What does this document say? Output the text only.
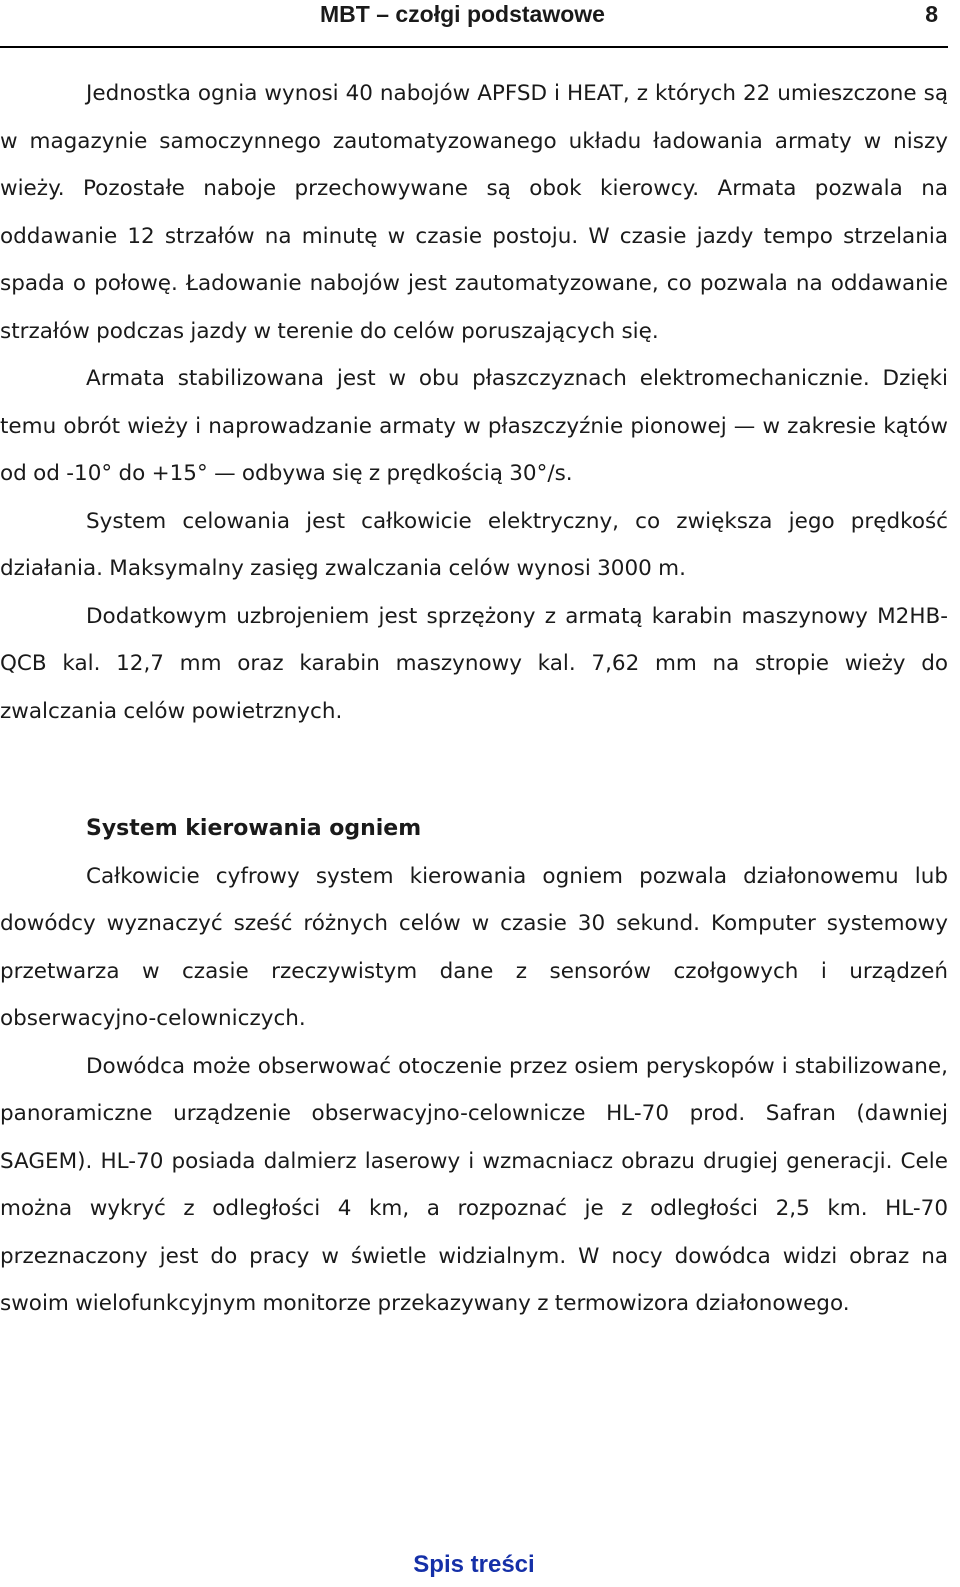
MBT – czołgi podstawowe	8

Jednostka ognia wynosi 40 nabojów APFSD i HEAT, z których 22 umieszczone są w magazynie samoczynnego zautomatyzowanego układu ładowania armaty w niszy wieży. Pozostałe naboje przechowywane są obok kierowcy. Armata pozwala na oddawanie 12 strzałów na minutę w czasie postoju. W czasie jazdy tempo strzelania spada o połowę. Ładowanie nabojów jest zautomatyzowane, co pozwala na oddawanie strzałów podczas jazdy w terenie do celów poruszających się.

Armata stabilizowana jest w obu płaszczyznach elektromechanicznie. Dzięki temu obrót wieży i naprowadzanie armaty w płaszczyźnie pionowej — w zakresie kątów od od -10° do +15° — odbywa się z prędkością 30°/s.

System celowania jest całkowicie elektryczny, co zwiększa jego prędkość działania. Maksymalny zasięg zwalczania celów wynosi 3000 m.

Dodatkowym uzbrojeniem jest sprzężony z armatą karabin maszynowy M2HB-QCB kal. 12,7 mm oraz karabin maszynowy kal. 7,62 mm na stropie wieży do zwalczania celów powietrznych.

System kierowania ogniem

Całkowicie cyfrowy system kierowania ogniem pozwala działonowemu lub dowódcy wyznaczyć sześć różnych celów w czasie 30 sekund. Komputer systemowy przetwarza w czasie rzeczywistym dane z sensorów czołgowych i urządzeń obserwacyjno-celowniczych.

Dowódca może obserwować otoczenie przez osiem peryskopów i stabilizowane, panoramiczne urządzenie obserwacyjno-celownicze HL-70 prod. Safran (dawniej SAGEM). HL-70 posiada dalmierz laserowy i wzmacniacz obrazu drugiej generacji. Cele można wykryć z odległości 4 km, a rozpoznać je z odległości 2,5 km. HL-70 przeznaczony jest do pracy w świetle widzialnym. W nocy dowódca widzi obraz na swoim wielofunkcyjnym monitorze przekazywany z termowizora działonowego.

Spis treści
